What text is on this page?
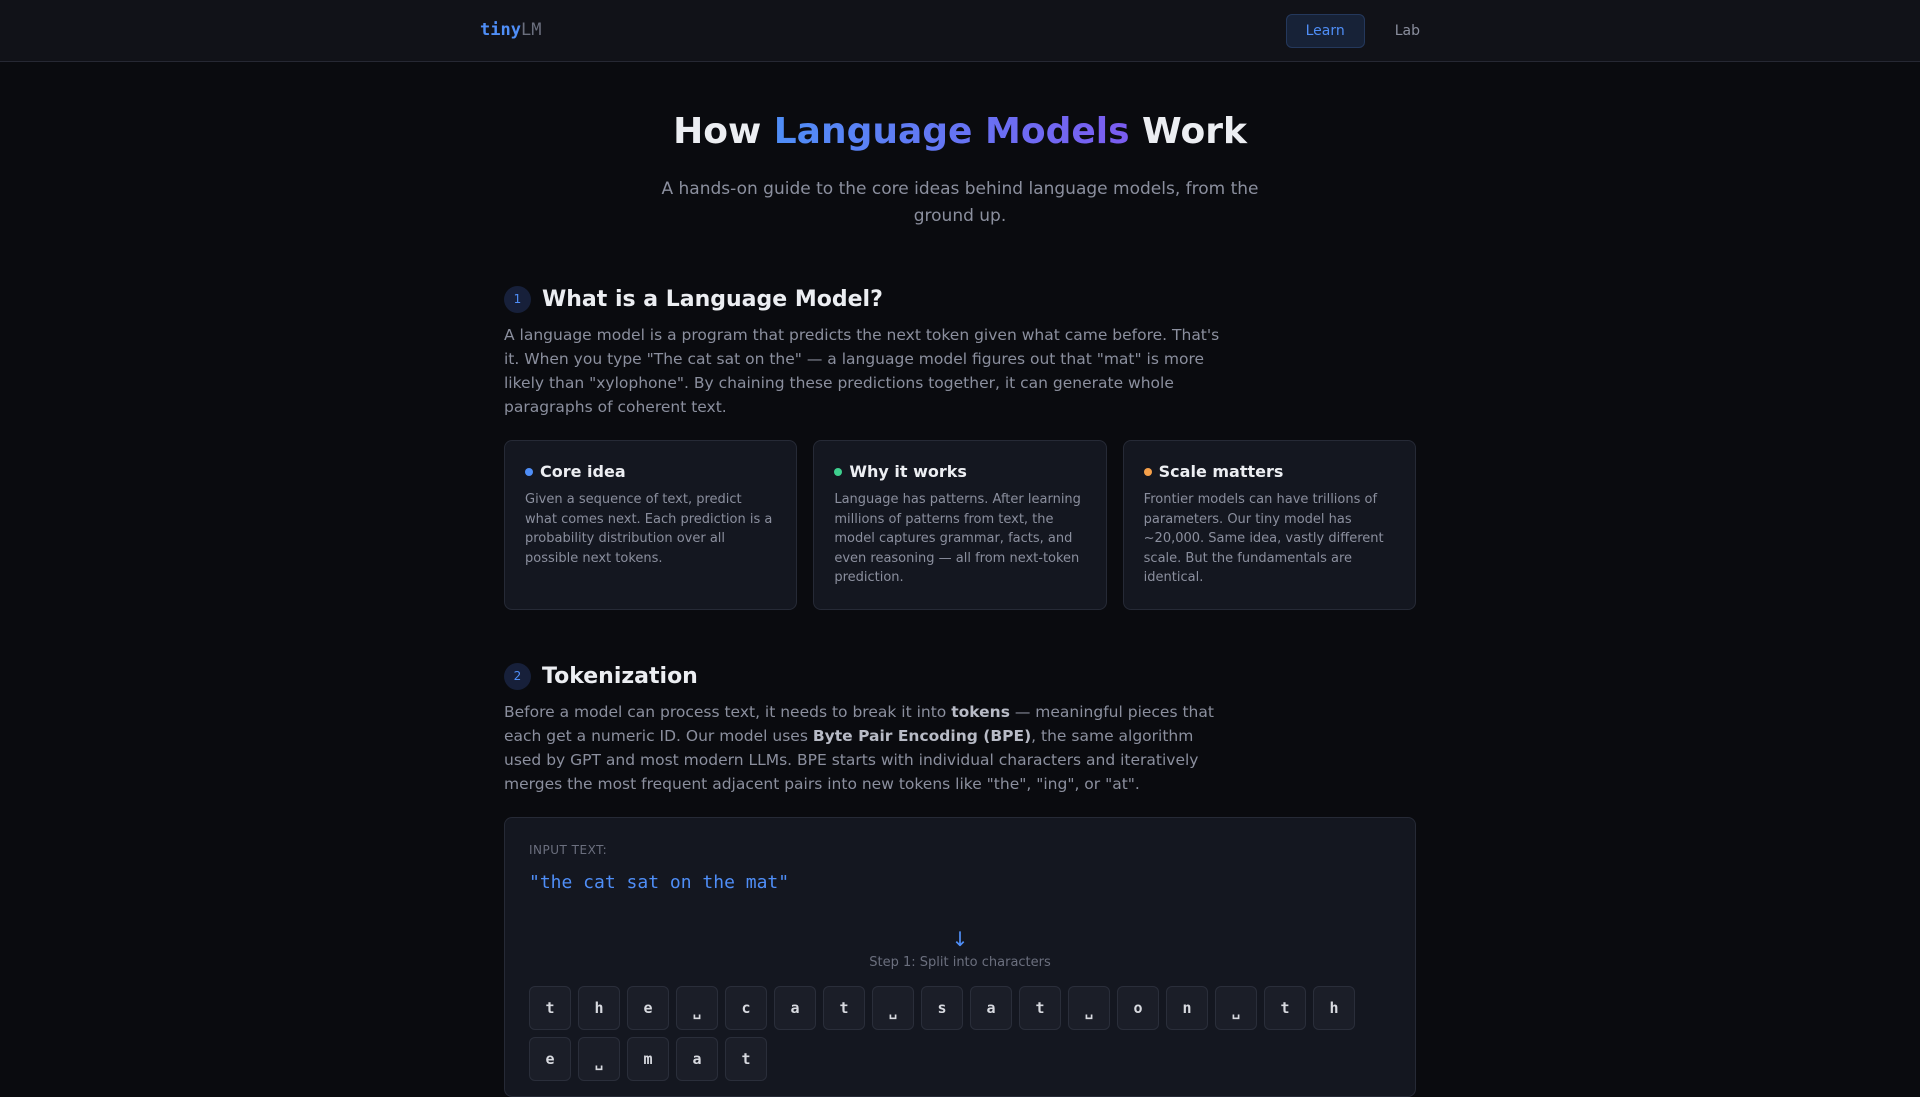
tinyLM	Learn	Lab
How Language Models Work

A hands-on guide to the core ideas behind language models, from the ground up.

1 What is a Language Model?

A language model is a program that predicts the next token given what came before. That's it. When you type "The cat sat on the" — a language model figures out that "mat" is more likely than "xylophone". By chaining these predictions together, it can generate whole paragraphs of coherent text.

Core idea

Given a sequence of text, predict what comes next. Each prediction is a probability distribution over all possible next tokens.

Why it works

Language has patterns. After learning millions of patterns from text, the model captures grammar, facts, and even reasoning — all from next-token prediction.

Scale matters

Frontier models can have trillions of parameters. Our tiny model has ~20,000. Same idea, vastly different scale. But the fundamentals are identical.

2 Tokenization

Before a model can process text, it needs to break it into tokens — meaningful pieces that each get a numeric ID. Our model uses Byte Pair Encoding (BPE), the same algorithm used by GPT and most modern LLMs. BPE starts with individual characters and iteratively merges the most frequent adjacent pairs into new tokens like "the", "ing", or "at".

INPUT TEXT:
"the cat sat on the mat"
↓
Step 1: Split into characters
t	h	e	␣	c	a	t	␣	s	a	t	␣	o	n	␣	t	h
e	␣	m	a	t
